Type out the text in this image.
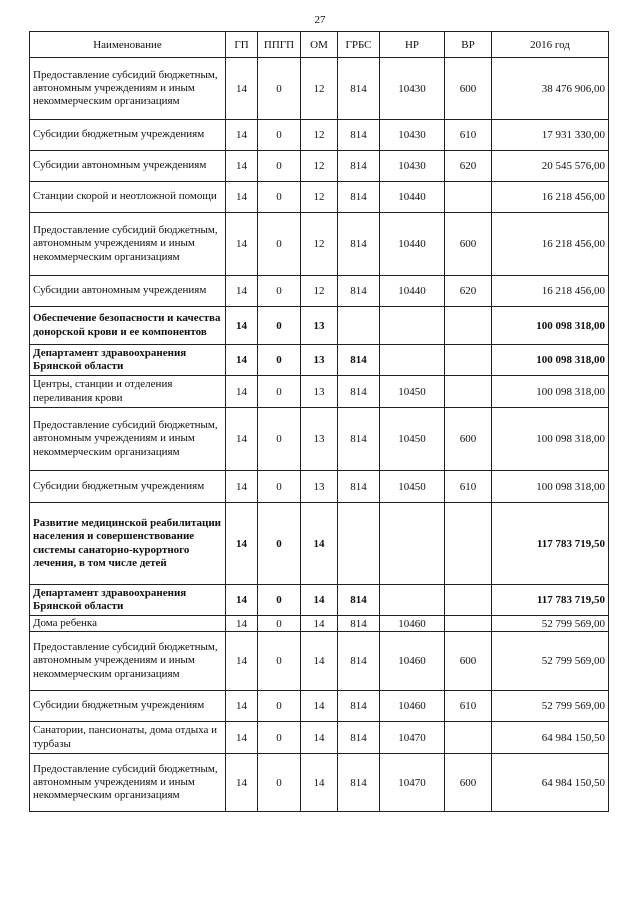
27
Наименование	ГП	ППГП	ОМ	ГРБС	НР	ВР	2016 год
Предоставление субсидий бюджетным, автономным учреждениям и иным некоммерческим организациям	14	0	12	814	10430	600	38 476 906,00
Субсидии бюджетным учреждениям	14	0	12	814	10430	610	17 931 330,00
Субсидии автономным учреждениям	14	0	12	814	10430	620	20 545 576,00
Станции скорой и неотложной помощи	14	0	12	814	10440		16 218 456,00
Предоставление субсидий бюджетным, автономным учреждениям и иным некоммерческим организациям	14	0	12	814	10440	600	16 218 456,00
Субсидии автономным учреждениям	14	0	12	814	10440	620	16 218 456,00
Обеспечение безопасности и качества донорской крови и ее компонентов	14	0	13				100 098 318,00
Департамент здравоохранения Брянской области	14	0	13	814			100 098 318,00
Центры, станции и отделения переливания крови	14	0	13	814	10450		100 098 318,00
Предоставление субсидий бюджетным, автономным учреждениям и иным некоммерческим организациям	14	0	13	814	10450	600	100 098 318,00
Субсидии бюджетным учреждениям	14	0	13	814	10450	610	100 098 318,00
Развитие медицинской реабилитации населения и совершенствование системы санаторно-курортного лечения, в том числе детей	14	0	14				117 783 719,50
Департамент здравоохранения Брянской области	14	0	14	814			117 783 719,50
Дома ребенка	14	0	14	814	10460		52 799 569,00
Предоставление субсидий бюджетным, автономным учреждениям и иным некоммерческим организациям	14	0	14	814	10460	600	52 799 569,00
Субсидии бюджетным учреждениям	14	0	14	814	10460	610	52 799 569,00
Санатории, пансионаты, дома отдыха и турбазы	14	0	14	814	10470		64 984 150,50
Предоставление субсидий бюджетным, автономным учреждениям и иным некоммерческим организациям	14	0	14	814	10470	600	64 984 150,50
